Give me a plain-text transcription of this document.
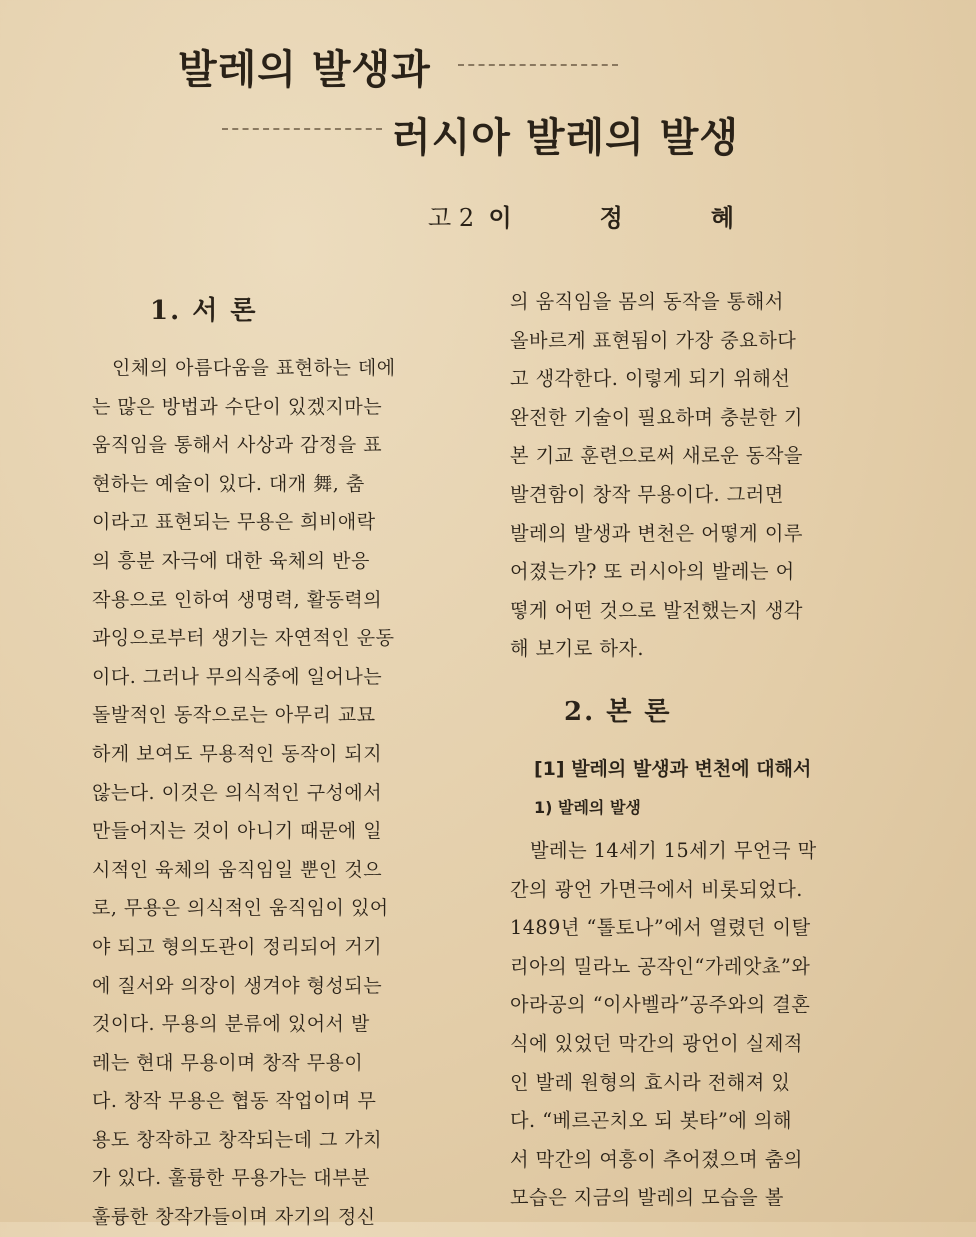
발레의 발생과
러시아 발레의 발생
고 2 이정혜
1. 서 론

인체의 아름다움을 표현하는 데에

는 많은 방법과 수단이 있겠지마는

움직임을 통해서 사상과 감정을 표

현하는 예술이 있다. 대개 舞, 춤

이라고 표현되는 무용은 희비애락

의 흥분 자극에 대한 육체의 반응

작용으로 인하여 생명력, 활동력의

과잉으로부터 생기는 자연적인 운동

이다. 그러나 무의식중에 일어나는

돌발적인 동작으로는 아무리 교묘

하게 보여도 무용적인 동작이 되지

않는다. 이것은 의식적인 구성에서

만들어지는 것이 아니기 때문에 일

시적인 육체의 움직임일 뿐인 것으

로, 무용은 의식적인 움직임이 있어

야 되고 형의도관이 정리되어 거기

에 질서와 의장이 생겨야 형성되는

것이다. 무용의 분류에 있어서 발

레는 현대 무용이며 창작 무용이

다. 창작 무용은 협동 작업이며 무

용도 창작하고 창작되는데 그 가치

가 있다. 훌륭한 무용가는 대부분

훌륭한 창작가들이며 자기의 정신

의 움직임을 몸의 동작을 통해서

올바르게 표현됨이 가장 중요하다

고 생각한다. 이렇게 되기 위해선

완전한 기술이 필요하며 충분한 기

본 기교 훈련으로써 새로운 동작을

발견함이 창작 무용이다. 그러면

발레의 발생과 변천은 어떻게 이루

어졌는가? 또 러시아의 발레는 어

떻게 어떤 것으로 발전했는지 생각

해 보기로 하자.

2. 본 론
[1] 발레의 발생과 변천에 대해서
1) 발레의 발생

발레는 14세기 15세기 무언극 막

간의 광언 가면극에서 비롯되었다.

1489년 “톨토나”에서 열렸던 이탈

리아의 밀라노 공작인“가레앗쵸”와

아라공의 “이사벨라”공주와의 결혼

식에 있었던 막간의 광언이 실제적

인 발레 원형의 효시라 전해져 있

다. “베르곤치오 되 봇타”에 의해

서 막간의 여흥이 추어졌으며 춤의

모습은 지금의 발레의 모습을 볼
